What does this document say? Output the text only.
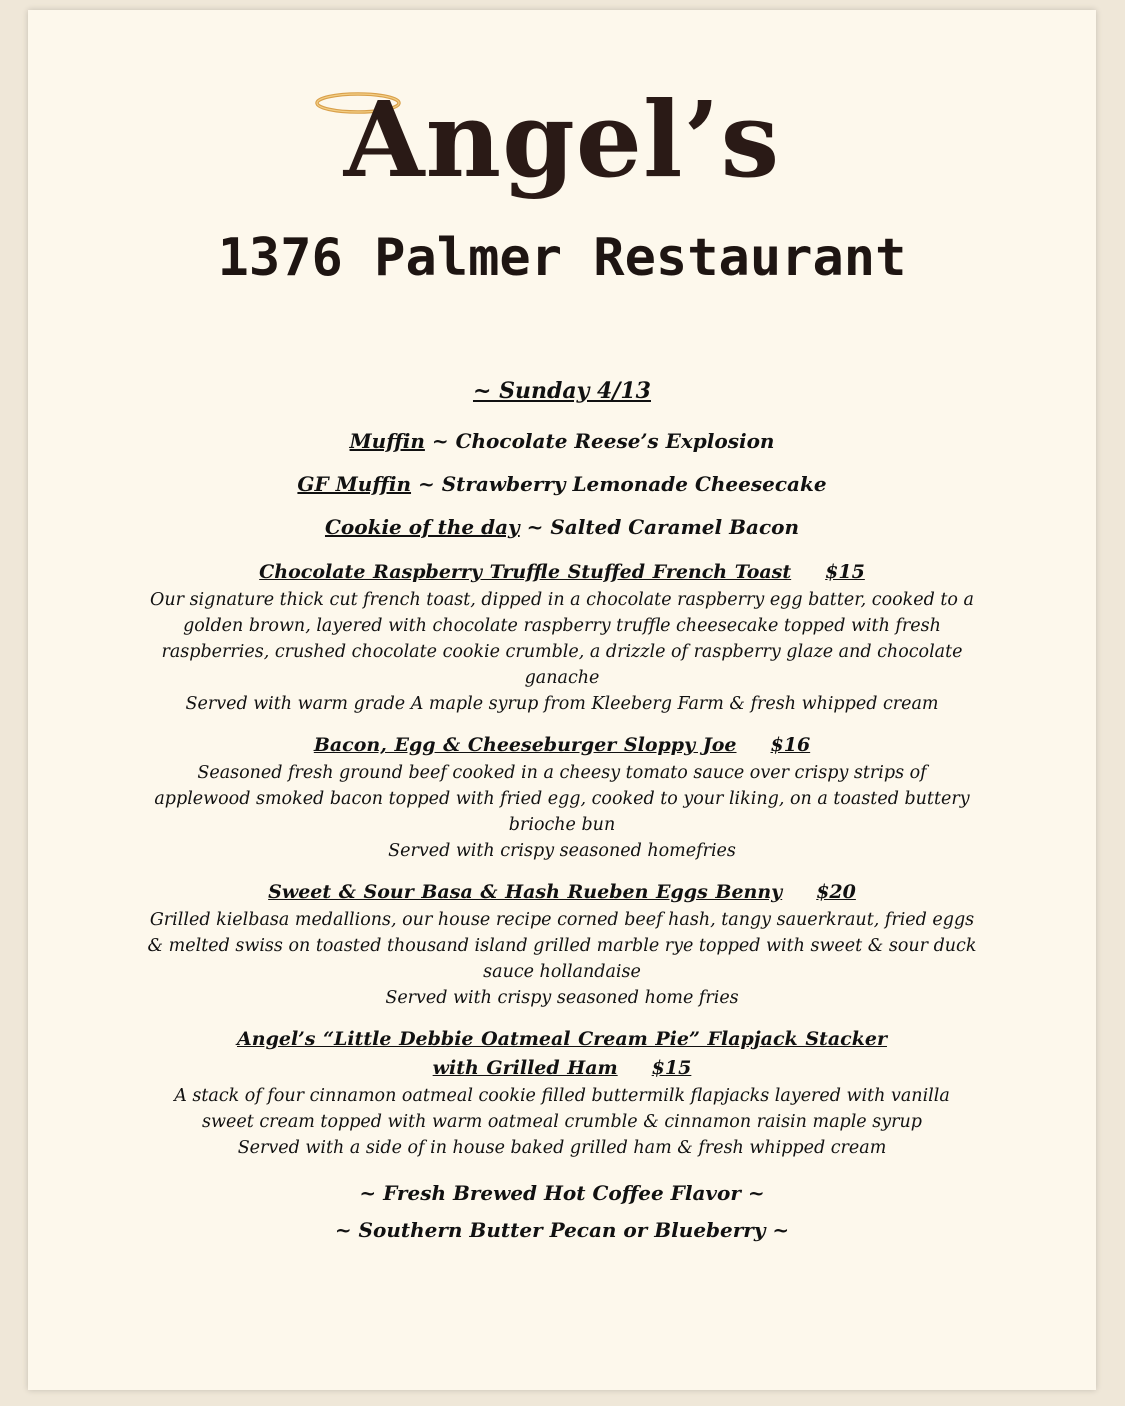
Angel’s
1376 Palmer Restaurant
~ Sunday 4/13
Muffin ~ Chocolate Reese’s Explosion
GF Muffin ~ Strawberry Lemonade Cheesecake
Cookie of the day ~ Salted Caramel Bacon
Chocolate Raspberry Truffle Stuffed French Toast $15
Our signature thick cut french toast, dipped in a chocolate raspberry egg batter, cooked to a golden brown, layered with chocolate raspberry truffle cheesecake topped with fresh raspberries, crushed chocolate cookie crumble, a drizzle of raspberry glaze and chocolate ganache
Served with warm grade A maple syrup from Kleeberg Farm & fresh whipped cream
Bacon, Egg & Cheeseburger Sloppy Joe $16
Seasoned fresh ground beef cooked in a cheesy tomato sauce over crispy strips of applewood smoked bacon topped with fried egg, cooked to your liking, on a toasted buttery brioche bun
Served with crispy seasoned homefries
Sweet & Sour Basa & Hash Rueben Eggs Benny $20
Grilled kielbasa medallions, our house recipe corned beef hash, tangy sauerkraut, fried eggs & melted swiss on toasted thousand island grilled marble rye topped with sweet & sour duck sauce hollandaise
Served with crispy seasoned home fries
Angel’s “Little Debbie Oatmeal Cream Pie” Flapjack Stacker
with Grilled Ham $15
A stack of four cinnamon oatmeal cookie filled buttermilk flapjacks layered with vanilla sweet cream topped with warm oatmeal crumble & cinnamon raisin maple syrup
Served with a side of in house baked grilled ham & fresh whipped cream
~ Fresh Brewed Hot Coffee Flavor ~
~ Southern Butter Pecan or Blueberry ~
